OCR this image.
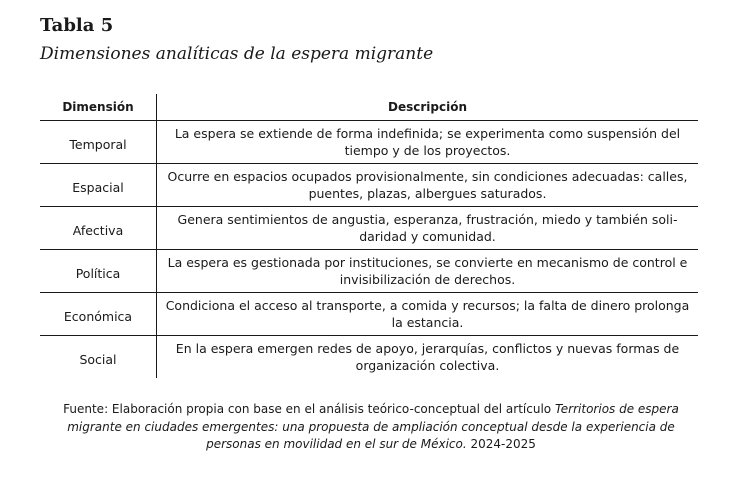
Tabla 5
Dimensiones analíticas de la espera migrante
Dimensión	Descripción
Temporal
La espera se extiende de forma indefinida; se experimenta como suspensión del
tiempo y de los proyectos.
Espacial
Ocurre en espacios ocupados provisionalmente, sin condiciones adecuadas: calles,
puentes, plazas, albergues saturados.
Afectiva
Genera sentimientos de angustia, esperanza, frustración, miedo y también soli-
daridad y comunidad.
Política
La espera es gestionada por instituciones, se convierte en mecanismo de control e
invisibilización de derechos.
Económica
Condiciona el acceso al transporte, a comida y recursos; la falta de dinero prolonga
la estancia.
Social
En la espera emergen redes de apoyo, jerarquías, conflictos y nuevas formas de
organización colectiva.
Fuente: Elaboración propia con base en el análisis teórico-conceptual del artículo Territorios de espera
migrante en ciudades emergentes: una propuesta de ampliación conceptual desde la experiencia de
personas en movilidad en el sur de México. 2024-2025
